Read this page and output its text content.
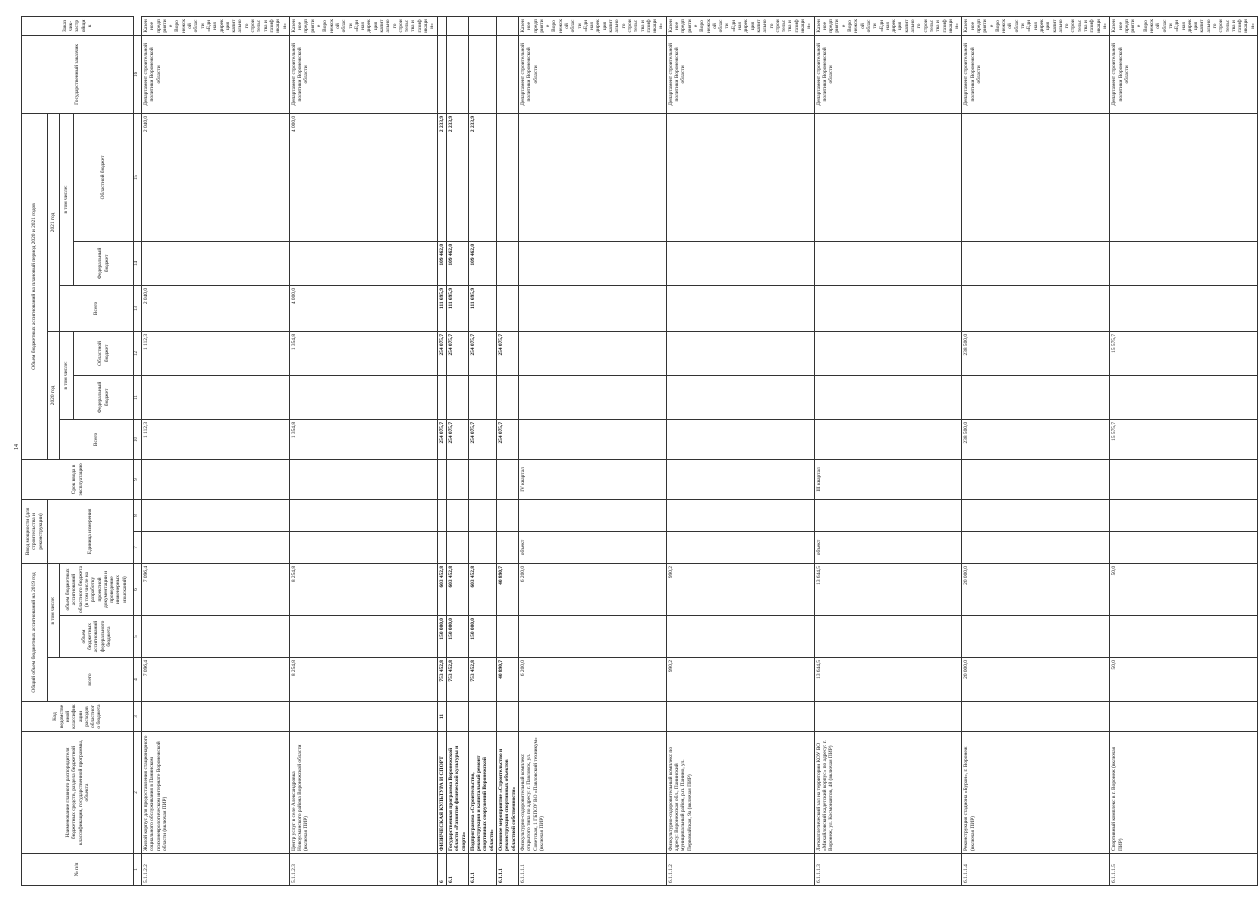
14
№ п/п	Наименование главного распорядителя бюджетных средств, раздела бюджетной классификации, государственной программы, объекта	Код ведомственной классификации расходов областного бюджета	Общий объем бюджетных ассигнований на 2019 год			Ввод мощности (для строительства и реконструкции)		Срок ввода в эксплуатацию	Объем бюджетных ассигнований на плановый период 2020 и 2021 годов						Государственный заказчик	Заказчик-застройщик
			всего	в том числе:		Единица измерения			2020 год			2021 год				
				объем бюджетных ассигнований федерального бюджета	объем бюджетных ассигнований областного бюджета (в том числе на разработку проектной документации и проведение инженерных изысканий)				Всего	в том числе:		Всего	в том числе:			
										Федеральный бюджет	Областной бюджет		Федеральный бюджет	Областной бюджет		
1	2	3	4	5	6	7	8	9	10	11	12	13	14	15	16	
5.1.1.2.2	Жилой корпус для предоставления стационарного социального обслуживания в Панинском психоневрологическом интернате Воронежской области (включая ПИР)		7 096,4		7 096,4				1 112,3		1 112,3	2 040,0		2 040,0	Департамент строительной политики Воронежской области	Казенное предприятие Воронежской области «Единая дирекция капитального строительства и газификации»
5.1.1.2.3	Центр услуг в селе Александровка Новоусманского района Воронежской области (включая ПИР)		8 254,8		8 254,8				1 354,8		1 354,8	4 000,0		4 000,0	Департамент строительной политики Воронежской области	Казенное предприятие Воронежской области «Единая дирекция капитального строительства и газификации»
6	ФИЗИЧЕСКАЯ КУЛЬТУРА И СПОРТ	11	753 452,8	150 000,0	603 452,8				254 075,7		254 075,7	111 695,9	109 462,0	2 233,9		
6.1	Государственная программа Воронежской области «Развитие физической культуры и спорта»		753 452,8	150 000,0	603 452,8				254 075,7		254 075,7	111 695,9	109 462,0	2 233,9		
6.1.1	Подпрограмма «Строительство, реконструкция и капитальный ремонт спортивных сооружений Воронежской области»		753 452,8	150 000,0	603 452,8				254 075,7		254 075,7	111 695,9	109 462,0	2 233,9		
6.1.1.1	Основное мероприятие «Строительство и реконструкция спортивных объектов областной собственности»		40 890,7		40 890,7				254 075,7		254 075,7					
6.1.1.1.1	Физкультурно-оздоровительный комплекс открытого типа по адресу: г. Павловск, ул. Советская, 1 ГБПОУ ВО «Павловский техникум» (включая ПИР)		6 200,0		6 200,0	объект		IV квартал							Департамент строительной политики Воронежской области	Казенное предприятие Воронежской области «Единая дирекция капитального строительства и газификации»
6.1.1.1.2	Физкультурно-оздоровительный комплекс по адресу: Воронежская обл., Панинский муниципальный район, р.п. Панино, ул. Первомайская, 9а (включая ПИР)		990,2		990,2										Департамент строительной политики Воронежской области	Казенное предприятие Воронежской области «Единая дирекция капитального строительства и газификации»
6.1.1.1.3	Легкоатлетический зал на территории КОУ ВО «Михайловский кадетский корпус» по адресу: г. Воронеж, ул. Космонавтов, 48 (включая ПИР)		13 644,5		13 644,5	объект		III квартал							Департамент строительной политики Воронежской области	Казенное предприятие Воронежской области «Единая дирекция капитального строительства и газификации»
6.1.1.1.4	Реконструкция стадиона «Буран», г. Воронеж (включая ПИР)		20 000,0		20 000,0				238 500,0		238 500,0				Департамент строительной политики Воронежской области	Казенное предприятие Воронежской области «Единая дирекция капитального строительства и газификации»
6.1.1.1.5	Спортивный комплекс в г. Воронеж (включая ПИР)		50,0		50,0				15 575,7		15 575,7				Департамент строительной политики Воронежской области	Казенное предприятие Воронежской области «Единая дирекция капитального строительства и газификации»
